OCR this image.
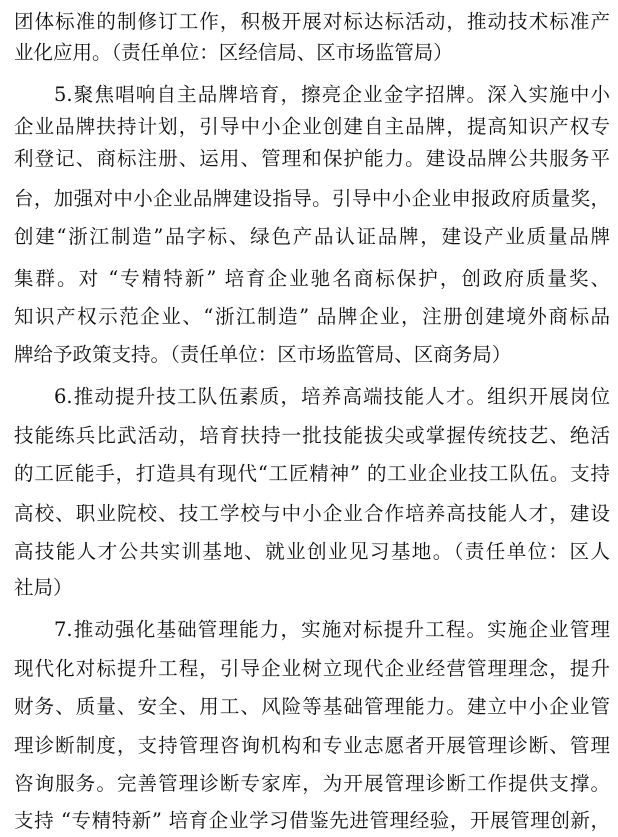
团体标准的制修订工作，积极开展对标达标活动，推动技术标准产
业化应用。（责任单位：区经信局、区市场监管局）
5.聚焦唱响自主品牌培育，擦亮企业金字招牌。深入实施中小
企业品牌扶持计划，引导中小企业创建自主品牌，提高知识产权专
利登记、商标注册、运用、管理和保护能力。建设品牌公共服务平
台，加强对中小企业品牌建设指导。引导中小企业申报政府质量奖，
创建“浙江制造”品字标、绿色产品认证品牌，建设产业质量品牌
集群。对 “专精特新” 培育企业驰名商标保护，创政府质量奖、
知识产权示范企业、“浙江制造” 品牌企业，注册创建境外商标品
牌给予政策支持。（责任单位：区市场监管局、区商务局）
6.推动提升技工队伍素质，培养高端技能人才。组织开展岗位
技能练兵比武活动，培育扶持一批技能拔尖或掌握传统技艺、绝活
的工匠能手，打造具有现代“工匠精神” 的工业企业技工队伍。支持
高校、职业院校、技工学校与中小企业合作培养高技能人才，建设
高技能人才公共实训基地、就业创业见习基地。（责任单位：区人
社局）
7.推动强化基础管理能力，实施对标提升工程。实施企业管理
现代化对标提升工程，引导企业树立现代企业经营管理理念，提升
财务、质量、安全、用工、风险等基础管理能力。建立中小企业管
理诊断制度，支持管理咨询机构和专业志愿者开展管理诊断、管理
咨询服务。完善管理诊断专家库，为开展管理诊断工作提供支撑。
支持 “专精特新” 培育企业学习借鉴先进管理经验，开展管理创新，
